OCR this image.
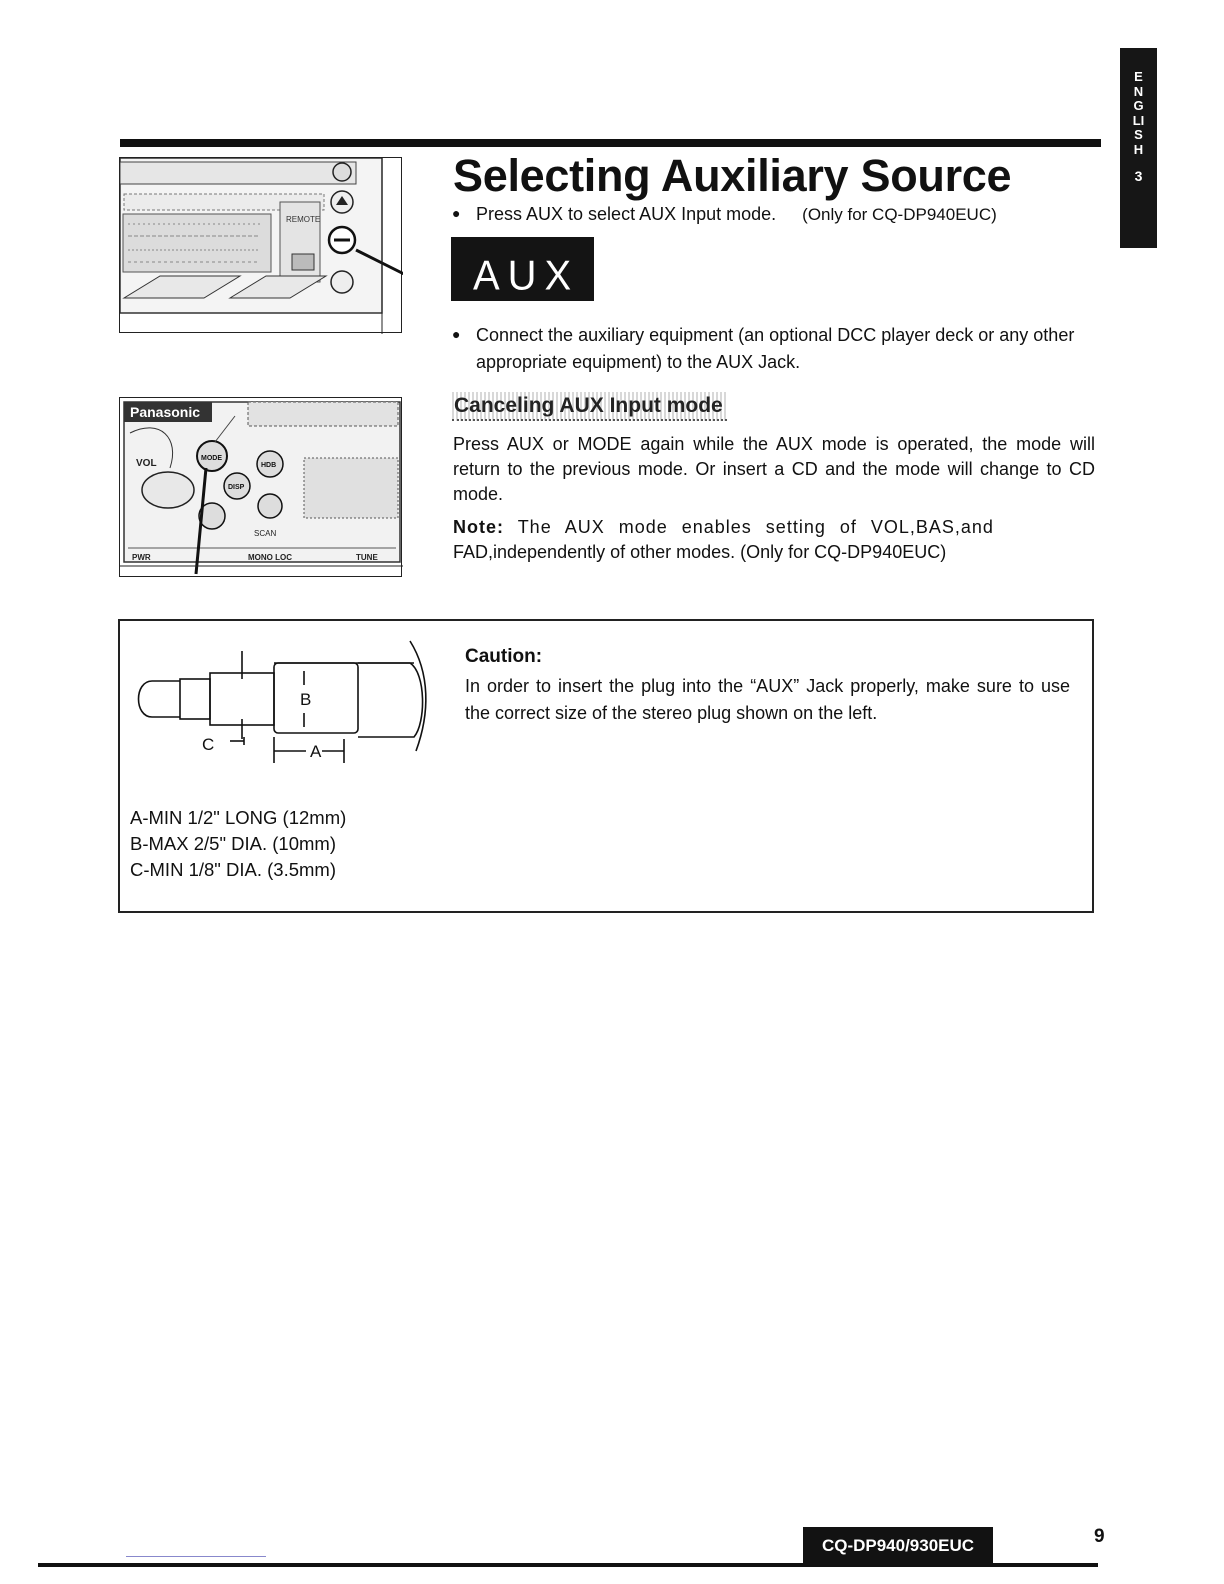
ENGLISH
3
REMOTE
Panasonic
VOL	MODE
DISP
HDB
SCAN
PWR	MONO LOC	TUNE
Selecting Auxiliary Source
● Press AUX to select AUX Input mode. (Only for CQ-DP940EUC)
AUX
● Connect the auxiliary equipment (an optional DCC player deck or any other appropriate equipment) to the AUX Jack.
Canceling AUX Input mode
Press AUX or MODE again while the AUX mode is operated, the mode will return to the previous mode. Or insert a CD and the mode will change to CD mode.
Note: The AUX mode enables setting of VOL,BAS,and
FAD,independently of other modes. (Only for CQ-DP940EUC)
B
A
C
Caution:
In order to insert the plug into the “AUX” Jack properly, make sure to use the correct size of the stereo plug shown on the left.
A-MIN 1/2" LONG (12mm)
B-MAX 2/5" DIA. (10mm)
C-MIN 1/8" DIA. (3.5mm)
CQ-DP940/930EUC	9
